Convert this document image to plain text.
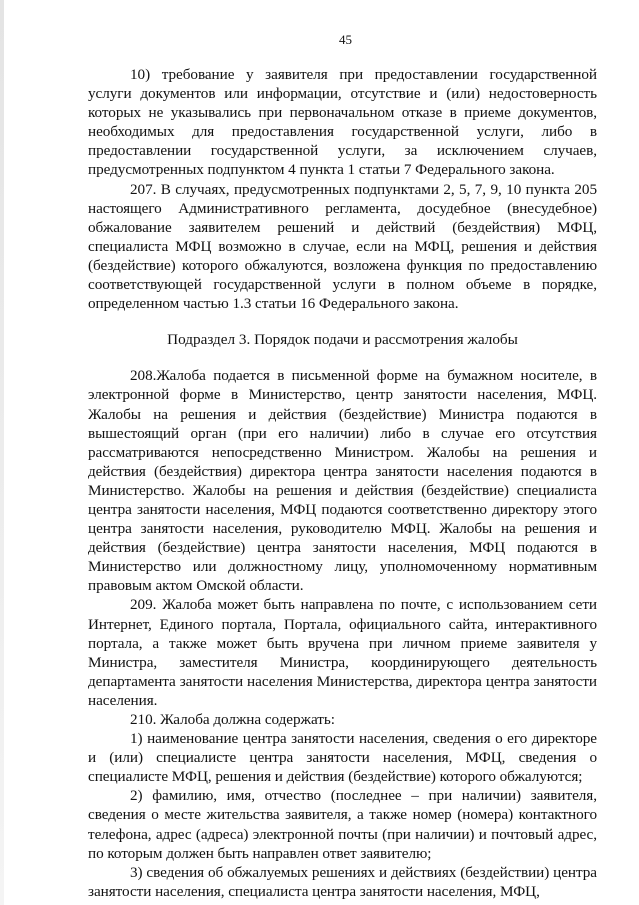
45

10) требование у заявителя при предоставлении государственной услуги документов или информации, отсутствие и (или) недостоверность которых не указывались при первоначальном отказе в приеме документов, необходимых для предоставления государственной услуги, либо в предоставлении государственной услуги, за исключением случаев, предусмотренных подпунктом 4 пункта 1 статьи 7 Федерального закона.

207. В случаях, предусмотренных подпунктами 2, 5, 7, 9, 10 пункта 205 настоящего Административного регламента, досудебное (внесудебное) обжалование заявителем решений и действий (бездействия) МФЦ, специалиста МФЦ возможно в случае, если на МФЦ, решения и действия (бездействие) которого обжалуются, возложена функция по предоставлению соответствующей государственной услуги в полном объеме в порядке, определенном частью 1.3 статьи 16 Федерального закона.

Подраздел 3. Порядок подачи и рассмотрения жалобы

208.Жалоба подается в письменной форме на бумажном носителе, в электронной форме в Министерство, центр занятости населения, МФЦ. Жалобы на решения и действия (бездействие) Министра подаются в вышестоящий орган (при его наличии) либо в случае его отсутствия рассматриваются непосредственно Министром. Жалобы на решения и действия (бездействия) директора центра занятости населения подаются в Министерство. Жалобы на решения и действия (бездействие) специалиста центра занятости населения, МФЦ подаются соответственно директору этого центра занятости населения, руководителю МФЦ. Жалобы на решения и действия (бездействие) центра занятости населения, МФЦ подаются в Министерство или должностному лицу, уполномоченному нормативным правовым актом Омской области.

209. Жалоба может быть направлена по почте, с использованием сети Интернет, Единого портала, Портала, официального сайта, интерактивного портала, а также может быть вручена при личном приеме заявителя у Министра, заместителя Министра, координирующего деятельность департамента занятости населения Министерства, директора центра занятости населения.

210. Жалоба должна содержать:

1) наименование центра занятости населения, сведения о его директоре и (или) специалисте центра занятости населения, МФЦ, сведения о специалисте МФЦ, решения и действия (бездействие) которого обжалуются;

2) фамилию, имя, отчество (последнее – при наличии) заявителя, сведения о месте жительства заявителя, а также номер (номера) контактного телефона, адрес (адреса) электронной почты (при наличии) и почтовый адрес, по которым должен быть направлен ответ заявителю;

3) сведения об обжалуемых решениях и действиях (бездействии) центра занятости населения, специалиста центра занятости населения, МФЦ,
